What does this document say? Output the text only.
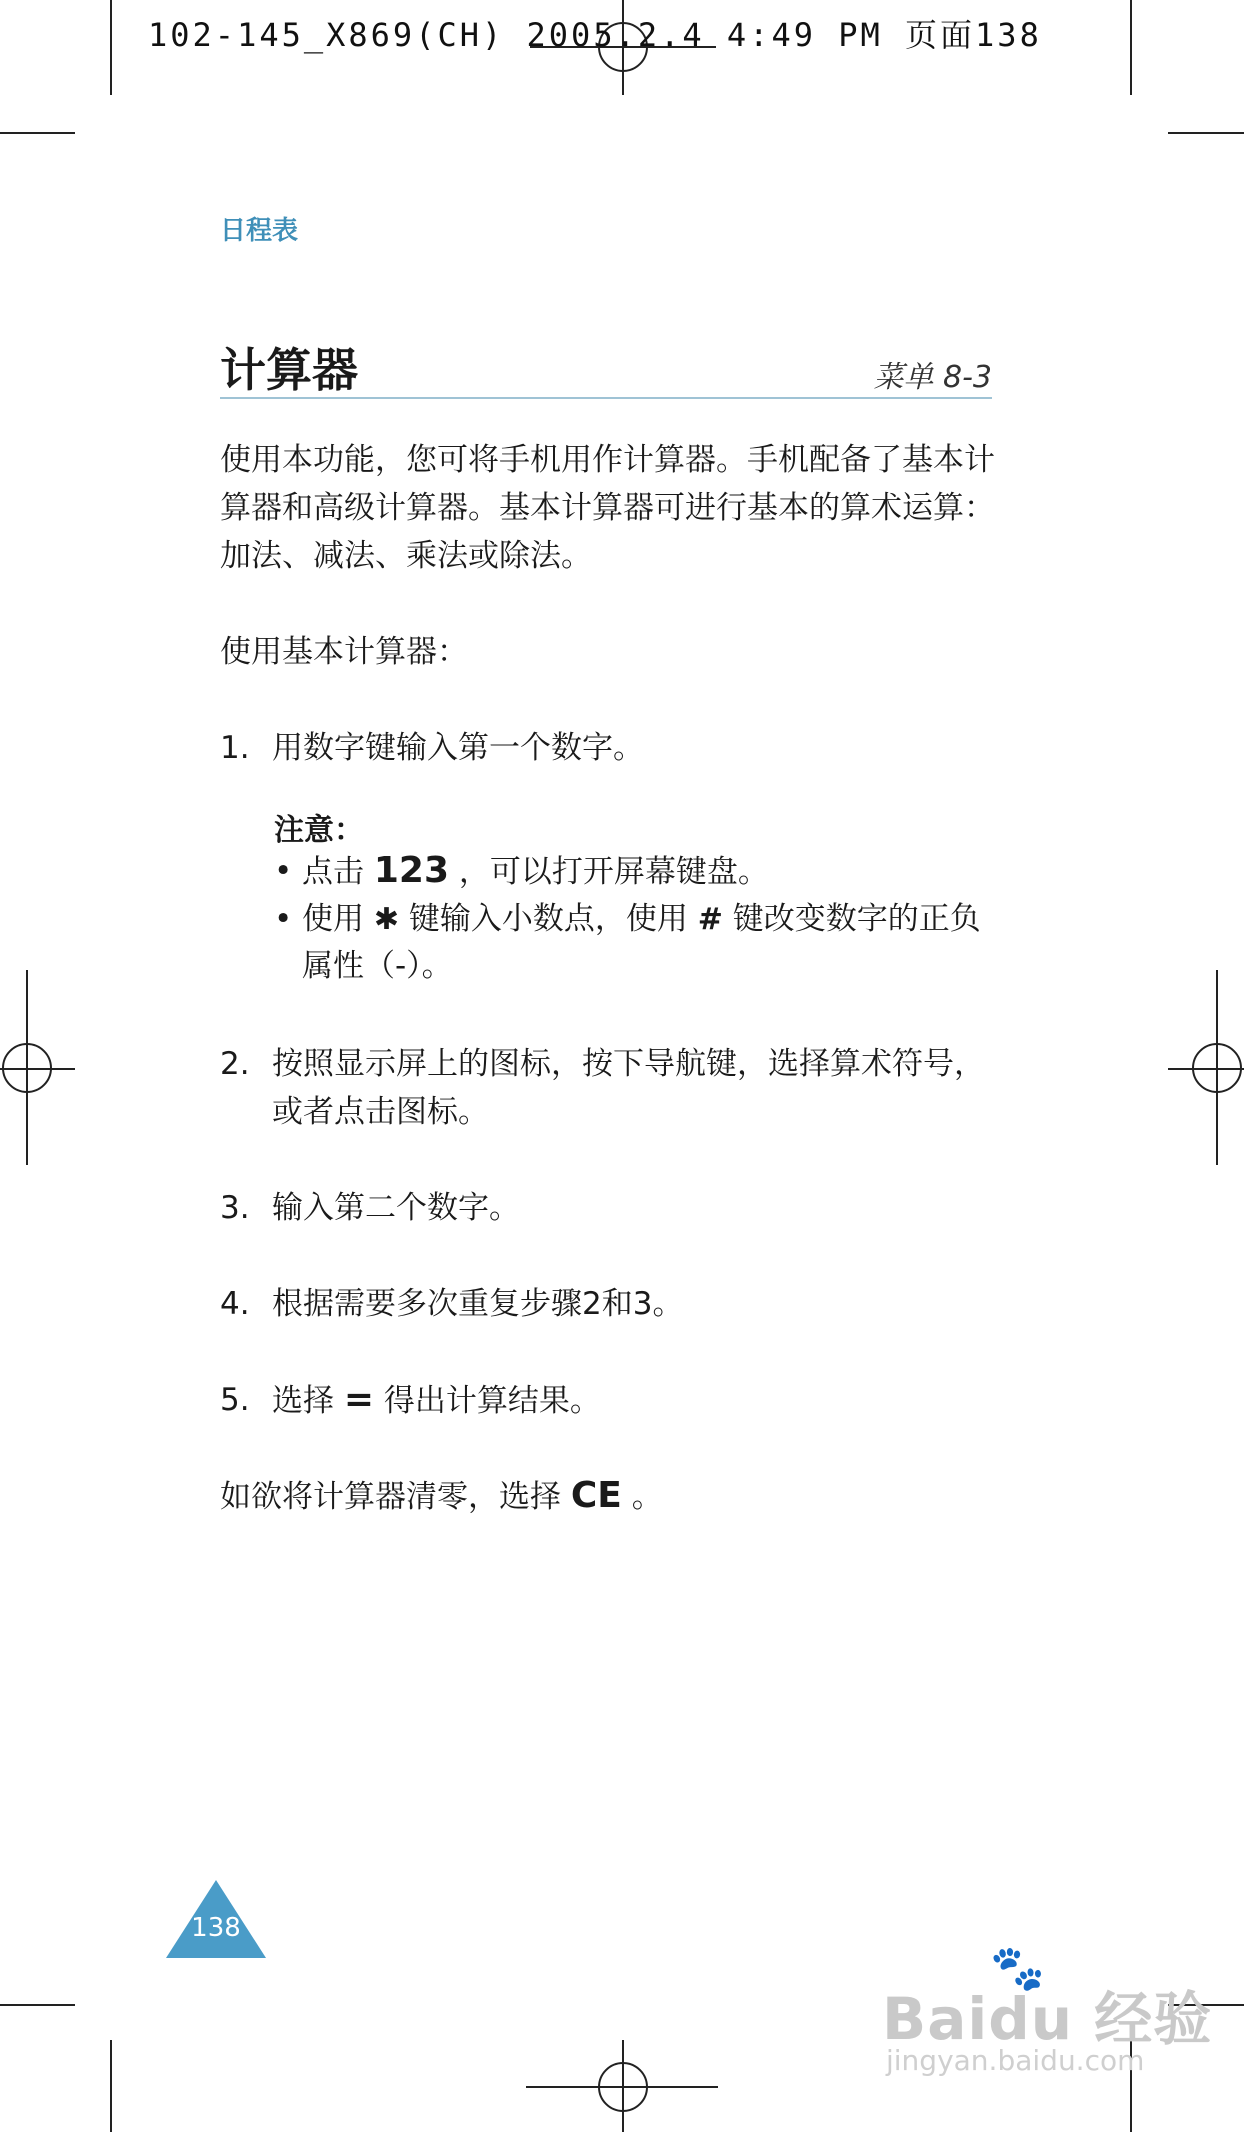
102-145_X869(CH) 2005.2.4 4:49 PM 页面138
日程表
计算器	菜单 8-3
使用本功能，您可将手机用作计算器。手机配备了基本计算器和高级计算器。基本计算器可进行基本的算术运算：加法、减法、乘法或除法。
使用基本计算器：
1. 用数字键输入第一个数字。
注意：
• 点击 123 ，可以打开屏幕键盘。
• 使用 ✱ 键输入小数点，使用 # 键改变数字的正负属性（-）。
2. 按照显示屏上的图标，按下导航键，选择算术符号，或者点击图标。
3. 输入第二个数字。
4. 根据需要多次重复步骤2和3。
5. 选择 = 得出计算结果。
如欲将计算器清零，选择 CE 。
138
🐾
Baidu 经验
jingyan.baidu.com
